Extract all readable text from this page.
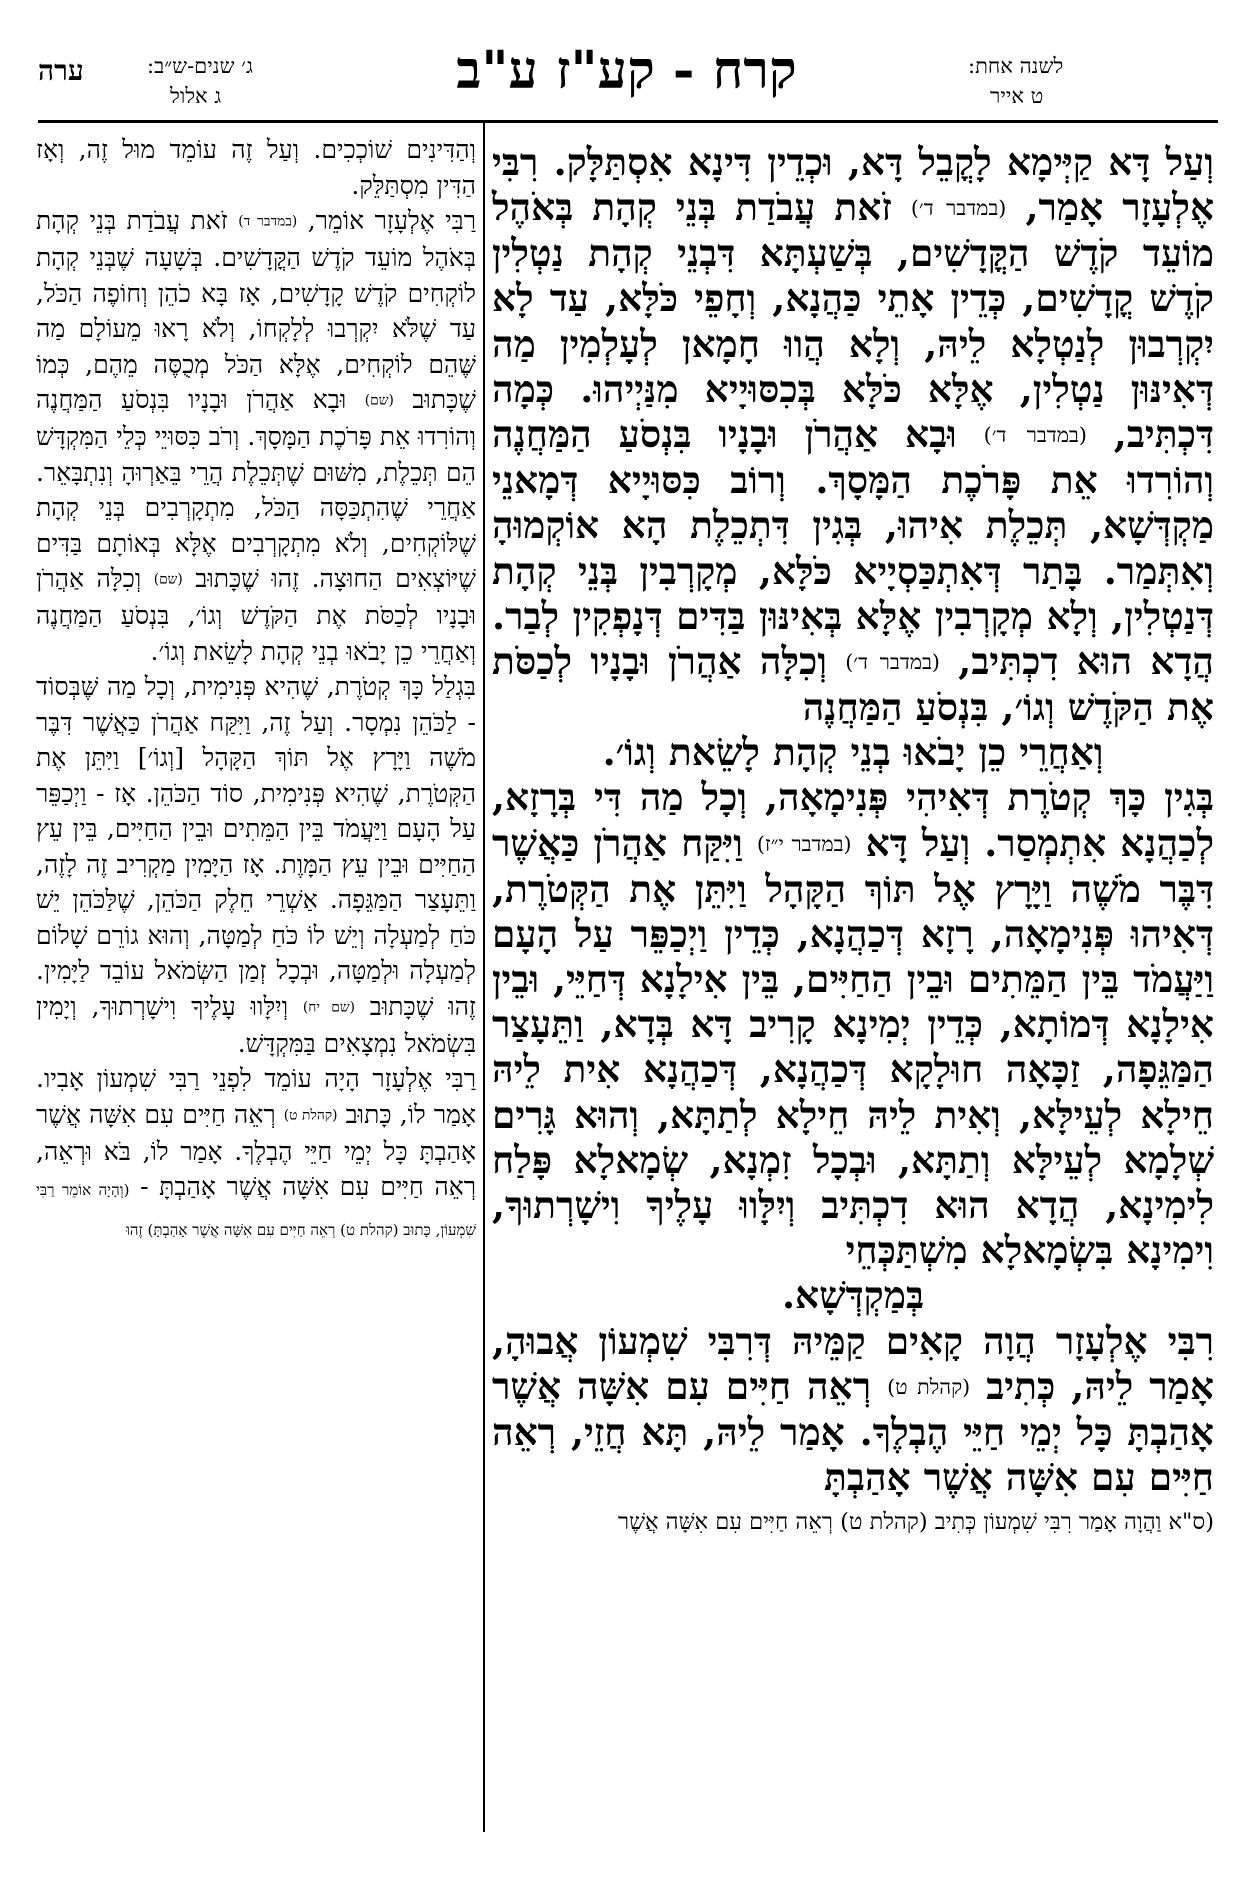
קרח - קע"ז ע"ב	לשנה אחת:
ט אייר
ג׳ שנים-ש״ב:
ג אלול
ערה

וְעַל דָּא קַיְּימָא לָקֳבֵל דָּא, וּכְדֵין דִּינָא אִסְתַּלָּק. רִבִּי אֶלְעָזָר אָמַר, (במדבר ד׳) זֹאת עֲבֹדַת בְּנֵי קְהָת בְּאֹהֶל מוֹעֵד קֹדֶשׁ הַקֳּדָשִׁים, בְּשַׁעְתָּא דִּבְנֵי קְהָת נַטְלִין קֹדֶשׁ קֳדָשִׁים, כְּדֵין אָתֵי כַּהֲנָא, וְחָפֵי כֹּלָּא, עַד לָא יִקְרְבוּן לְנַטְלָא לֵיהּ, וְלָא הֲווּ חָמָאן לְעָלְמִין מַה דְּאִינּוּן נַטְלִין, אֶלָּא כֹּלָּא בְּכִסּוּיָיא מִנַּיְיהוּ. כְּמָה דִּכְתִּיב, (במדבר ד׳) וּבָא אַהֲרֹן וּבָנָיו בִּנְסֹעַ הַמַּחֲנֶה וְהוֹרִדוּ אֵת פָּרֹכֶת הַמָּסָךְ. וְרוֹב כִּסּוּיָיא דְּמָאנֵי מַקְדְּשָׁא, תְּכֵלֶת אִיהוּ, בְּגִין דִּתְכֵלֶת הָא אוֹקְמוּהָ וְאִתְּמַר. בָּתַר דְּאִתְכַּסְיָיא כֹּלָּא, מְקָרְבִין בְּנֵי קְהָת דְּנַטְלִין, וְלָא מְקָרְבִין אֶלָּא בְּאִינּוּן בַּדִּים דְּנָפְקִין לְבַר. הֲדָא הוּא דִכְתִּיב, (במדבר ד׳) וְכִלָּה אַהֲרֹן וּבָנָיו לְכַסֹּת אֶת הַקֹּדֶשׁ וְגוֹ׳, בִּנְסֹעַ הַמַּחֲנֶה

וְאַחֲרֵי כֵן יָבֹאוּ בְנֵי קְהָת לָשֵׂאת וְגוֹ׳.

בְּגִין כָּךְ קְטֹרֶת דְּאִיהִי פְּנִימָאָה, וְכָל מַה דִּי בְּרָזָא, לְכַהֲנָא אִתְמְסַר. וְעַל דָּא (במדבר י״ז) וַיִּקַּח אַהֲרֹן כַּאֲשֶׁר דִּבֶּר מֹשֶׁה וַיָּרָץ אֶל תּוֹךְ הַקָּהָל וַיִּתֵּן אֶת הַקְּטֹרֶת, דְּאִיהוּ פְּנִימָאָה, רָזָא דְּכַהֲנָא, כְּדֵין וַיְכַפֵּר עַל הָעָם וַיַּעֲמֹד בֵּין הַמֵּתִים וּבֵין הַחַיִּים, בֵּין אִילָנָא דְּחַיֵּי, וּבֵין אִילָנָא דְּמוֹתָא, כְּדֵין יְמִינָא קָרִיב דָּא בְּדָא, וַתֵּעָצַר הַמַּגֵּפָה, זַכָּאָה חוּלָקָא דְּכַהֲנָא, דְּכַהֲנָא אִית לֵיהּ חֵילָא לְעֵילָּא, וְאִית לֵיהּ חֵילָא לְתַתָּא, וְהוּא גָּרִים שְׁלָמָא לְעֵילָּא וְתַתָּא, וּבְכָל זִמְנָא, שְׂמָאלָא פָּלַח לִימִינָא, הֲדָא הוּא דִכְתִּיב וְיִלָּווּ עָלֶיךָ וִישָׁרְתוּךָ, וִימִינָא בִּשְׂמָאלָא מִשְׁתַּכְּחֵי

בְּמַקְדְּשָׁא.

רִבִּי אֶלְעָזָר הֲוָה קָאִים קַמֵּיהּ דְּרִבִּי שִׁמְעוֹן אֲבוּהָ, אָמַר לֵיהּ, כְּתִיב (קהלת ט) רְאֵה חַיִּים עִם אִשָּׁה אֲשֶׁר אָהַבְתָּ כָּל יְמֵי חַיֵּי הֶבְלֶךָ. אָמַר לֵיהּ, תָּא חֲזֵי, רְאֵה חַיִּים עִם אִשָּׁה אֲשֶׁר אָהַבְתָּ

(ס"א וַהֲוָה אָמַר רִבִּי שִׁמְעוֹן כְּתִיב (קהלת ט) רְאֵה חַיִּים עִם אִשָּׁה אֲשֶׁר

וְהַדִּינִים שׁוֹכְכִים. וְעַל זֶה עוֹמֵד מוּל זֶה, וְאָז הַדִּין מִסְתַּלֵּק.

רַבִּי אֶלְעָזָר אוֹמֵר, (במדבר ד) זֹאת עֲבֹדַת בְּנֵי קְהָת בְּאֹהֶל מוֹעֵד קֹדֶשׁ הַקֳּדָשִׁים. בְּשָׁעָה שֶׁבְּנֵי קְהָת לוֹקְחִים קֹדֶשׁ קָדָשִׁים, אָז בָּא כֹהֵן וְחוֹפֶה הַכֹּל, עַד שֶׁלֹּא יִקְרְבוּ לְלָקְחוֹ, וְלֹא רָאוּ מֵעוֹלָם מַה שֶּׁהֵם לוֹקְחִים, אֶלָּא הַכֹּל מְכֻסֶּה מֵהֶם, כְּמוֹ שֶׁכָּתוּב (שם) וּבָא אַהֲרֹן וּבָנָיו בִּנְסֹעַ הַמַּחֲנֶה וְהוֹרִדוּ אֵת פָּרֹכֶת הַמָּסָךְ. וְרֹב כִּסּוּיֵי כְּלֵי הַמִּקְדָּשׁ הֵם תְּכֵלֶת, מִשּׁוּם שֶׁתְּכֵלֶת הֲרֵי בֵּאַרְוּהָ וְנִתְבָּאֵר. אַחֲרֵי שֶׁהִתְכַּסָּה הַכֹּל, מִתְקָרְבִים בְּנֵי קְהָת שֶׁלּוֹקְחִים, וְלֹא מִתְקָרְבִים אֶלָּא בְּאוֹתָם בַּדִּים שֶׁיּוֹצְאִים הַחוּצָה. זֶהוּ שֶׁכָּתוּב (שם) וְכִלָּה אַהֲרֹן וּבָנָיו לְכַסֹּת אֶת הַקֹּדֶשׁ וְגוֹ׳, בִּנְסֹעַ הַמַּחֲנֶה וְאַחֲרֵי כֵן יָבֹאוּ בְנֵי קְהָת לָשֵׂאת וְגוֹ׳.

בִּגְלַל כָּךְ קְטֹרֶת, שֶׁהִיא פְּנִימִית, וְכָל מַה שֶּׁבְּסוֹד - לַכֹּהֵן נִמְסָר. וְעַל זֶה, וַיִּקַּח אַהֲרֹן כַּאֲשֶׁר דִּבֶּר מֹשֶׁה וַיָּרָץ אֶל תּוֹךְ הַקָּהָל [וְגוֹ׳] וַיִּתֵּן אֶת הַקְּטֹרֶת, שֶׁהִיא פְּנִימִית, סוֹד הַכֹּהֵן. אָז - וַיְכַפֵּר עַל הָעָם וַיַּעֲמֹד בֵּין הַמֵּתִים וּבֵין הַחַיִּים, בֵּין עֵץ הַחַיִּים וּבֵין עֵץ הַמָּוֶת. אָז הַיָּמִין מַקְרִיב זֶה לָזֶה, וַתֵּעָצַר הַמַּגֵּפָה. אַשְׁרֵי חֵלֶק הַכֹּהֵן, שֶׁלַּכֹּהֵן יֵשׁ כֹּחַ לְמַעְלָה וְיֵשׁ לוֹ כֹּחַ לְמַטָּה, וְהוּא גוֹרֵם שָׁלוֹם לְמַעְלָה וּלְמַטָּה, וּבְכָל זְמַן הַשְּׂמֹאל עוֹבֵד לַיָּמִין. זֶהוּ שֶׁכָּתוּב (שם יח) וְיִלָּווּ עָלֶיךָ וִישָׁרְתוּךָ, וְיָמִין בִּשְׂמֹאל נִמְצָאִים בַּמִּקְדָּשׁ.

רַבִּי אֶלְעָזָר הָיָה עוֹמֵד לִפְנֵי רַבִּי שִׁמְעוֹן אָבִיו. אָמַר לוֹ, כָּתוּב (קהלת ט) רְאֵה חַיִּים עִם אִשָּׁה אֲשֶׁר אָהַבְתָּ כָּל יְמֵי חַיֵּי הֶבְלֶךָ. אָמַר לוֹ, בֹּא וּרְאֵה, רְאֵה חַיִּים עִם אִשָּׁה אֲשֶׁר אָהַבְתָּ - (וְהָיָה אוֹמֵר רַבִּי שִׁמְעוֹן, כָּתוּב (קהלת ט) רְאֵה חַיִּים עִם אִשָּׁה אֲשֶׁר אָהַבְתָּ) זֶהוּ
